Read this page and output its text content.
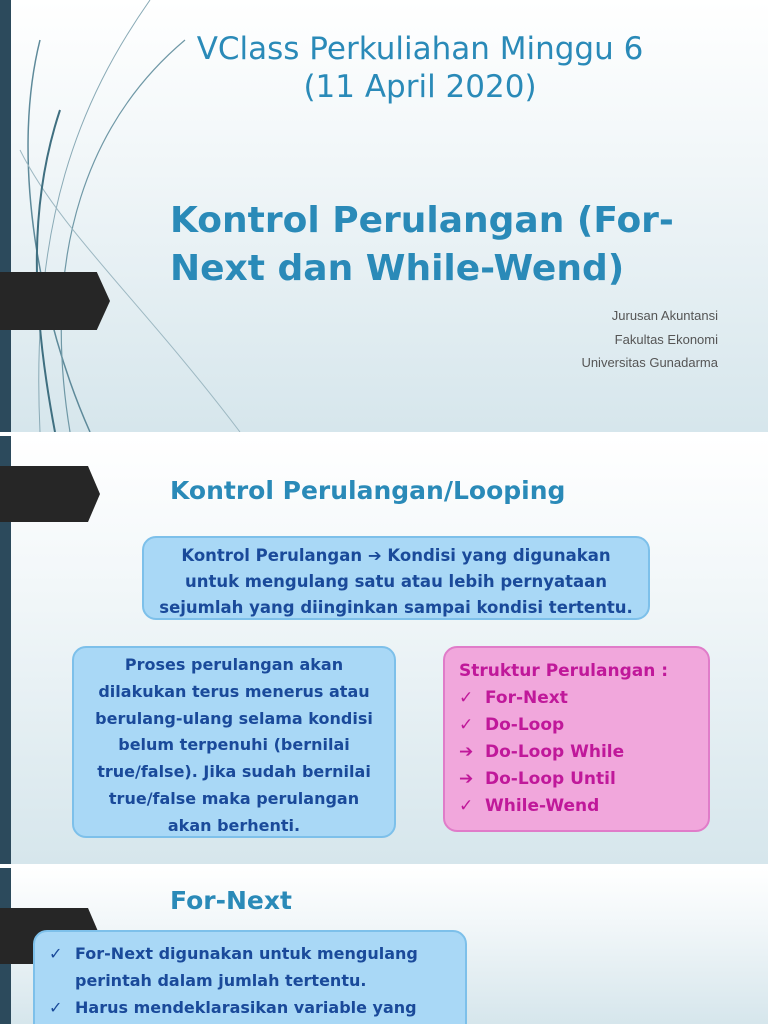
VClass Perkuliahan Minggu 6
(11 April 2020)
Kontrol Perulangan (For-
Next dan While-Wend)
Jurusan Akuntansi
Fakultas Ekonomi
Universitas Gunadarma
Kontrol Perulangan/Looping

Kontrol Perulangan ➔ Kondisi yang digunakan

untuk mengulang satu atau lebih pernyataan

sejumlah yang diinginkan sampai kondisi tertentu.

Proses perulangan akan

dilakukan terus menerus atau

berulang-ulang selama kondisi

belum terpenuhi (bernilai

true/false). Jika sudah bernilai

true/false maka perulangan

akan berhenti.

Struktur Perulangan :

✓ For-Next
✓ Do-Loop
➔ Do-Loop While
➔ Do-Loop Until
✓ While-Wend
For-Next
✓ For-Next digunakan untuk mengulang
perintah dalam jumlah tertentu.
✓ Harus mendeklarasikan variable yang
